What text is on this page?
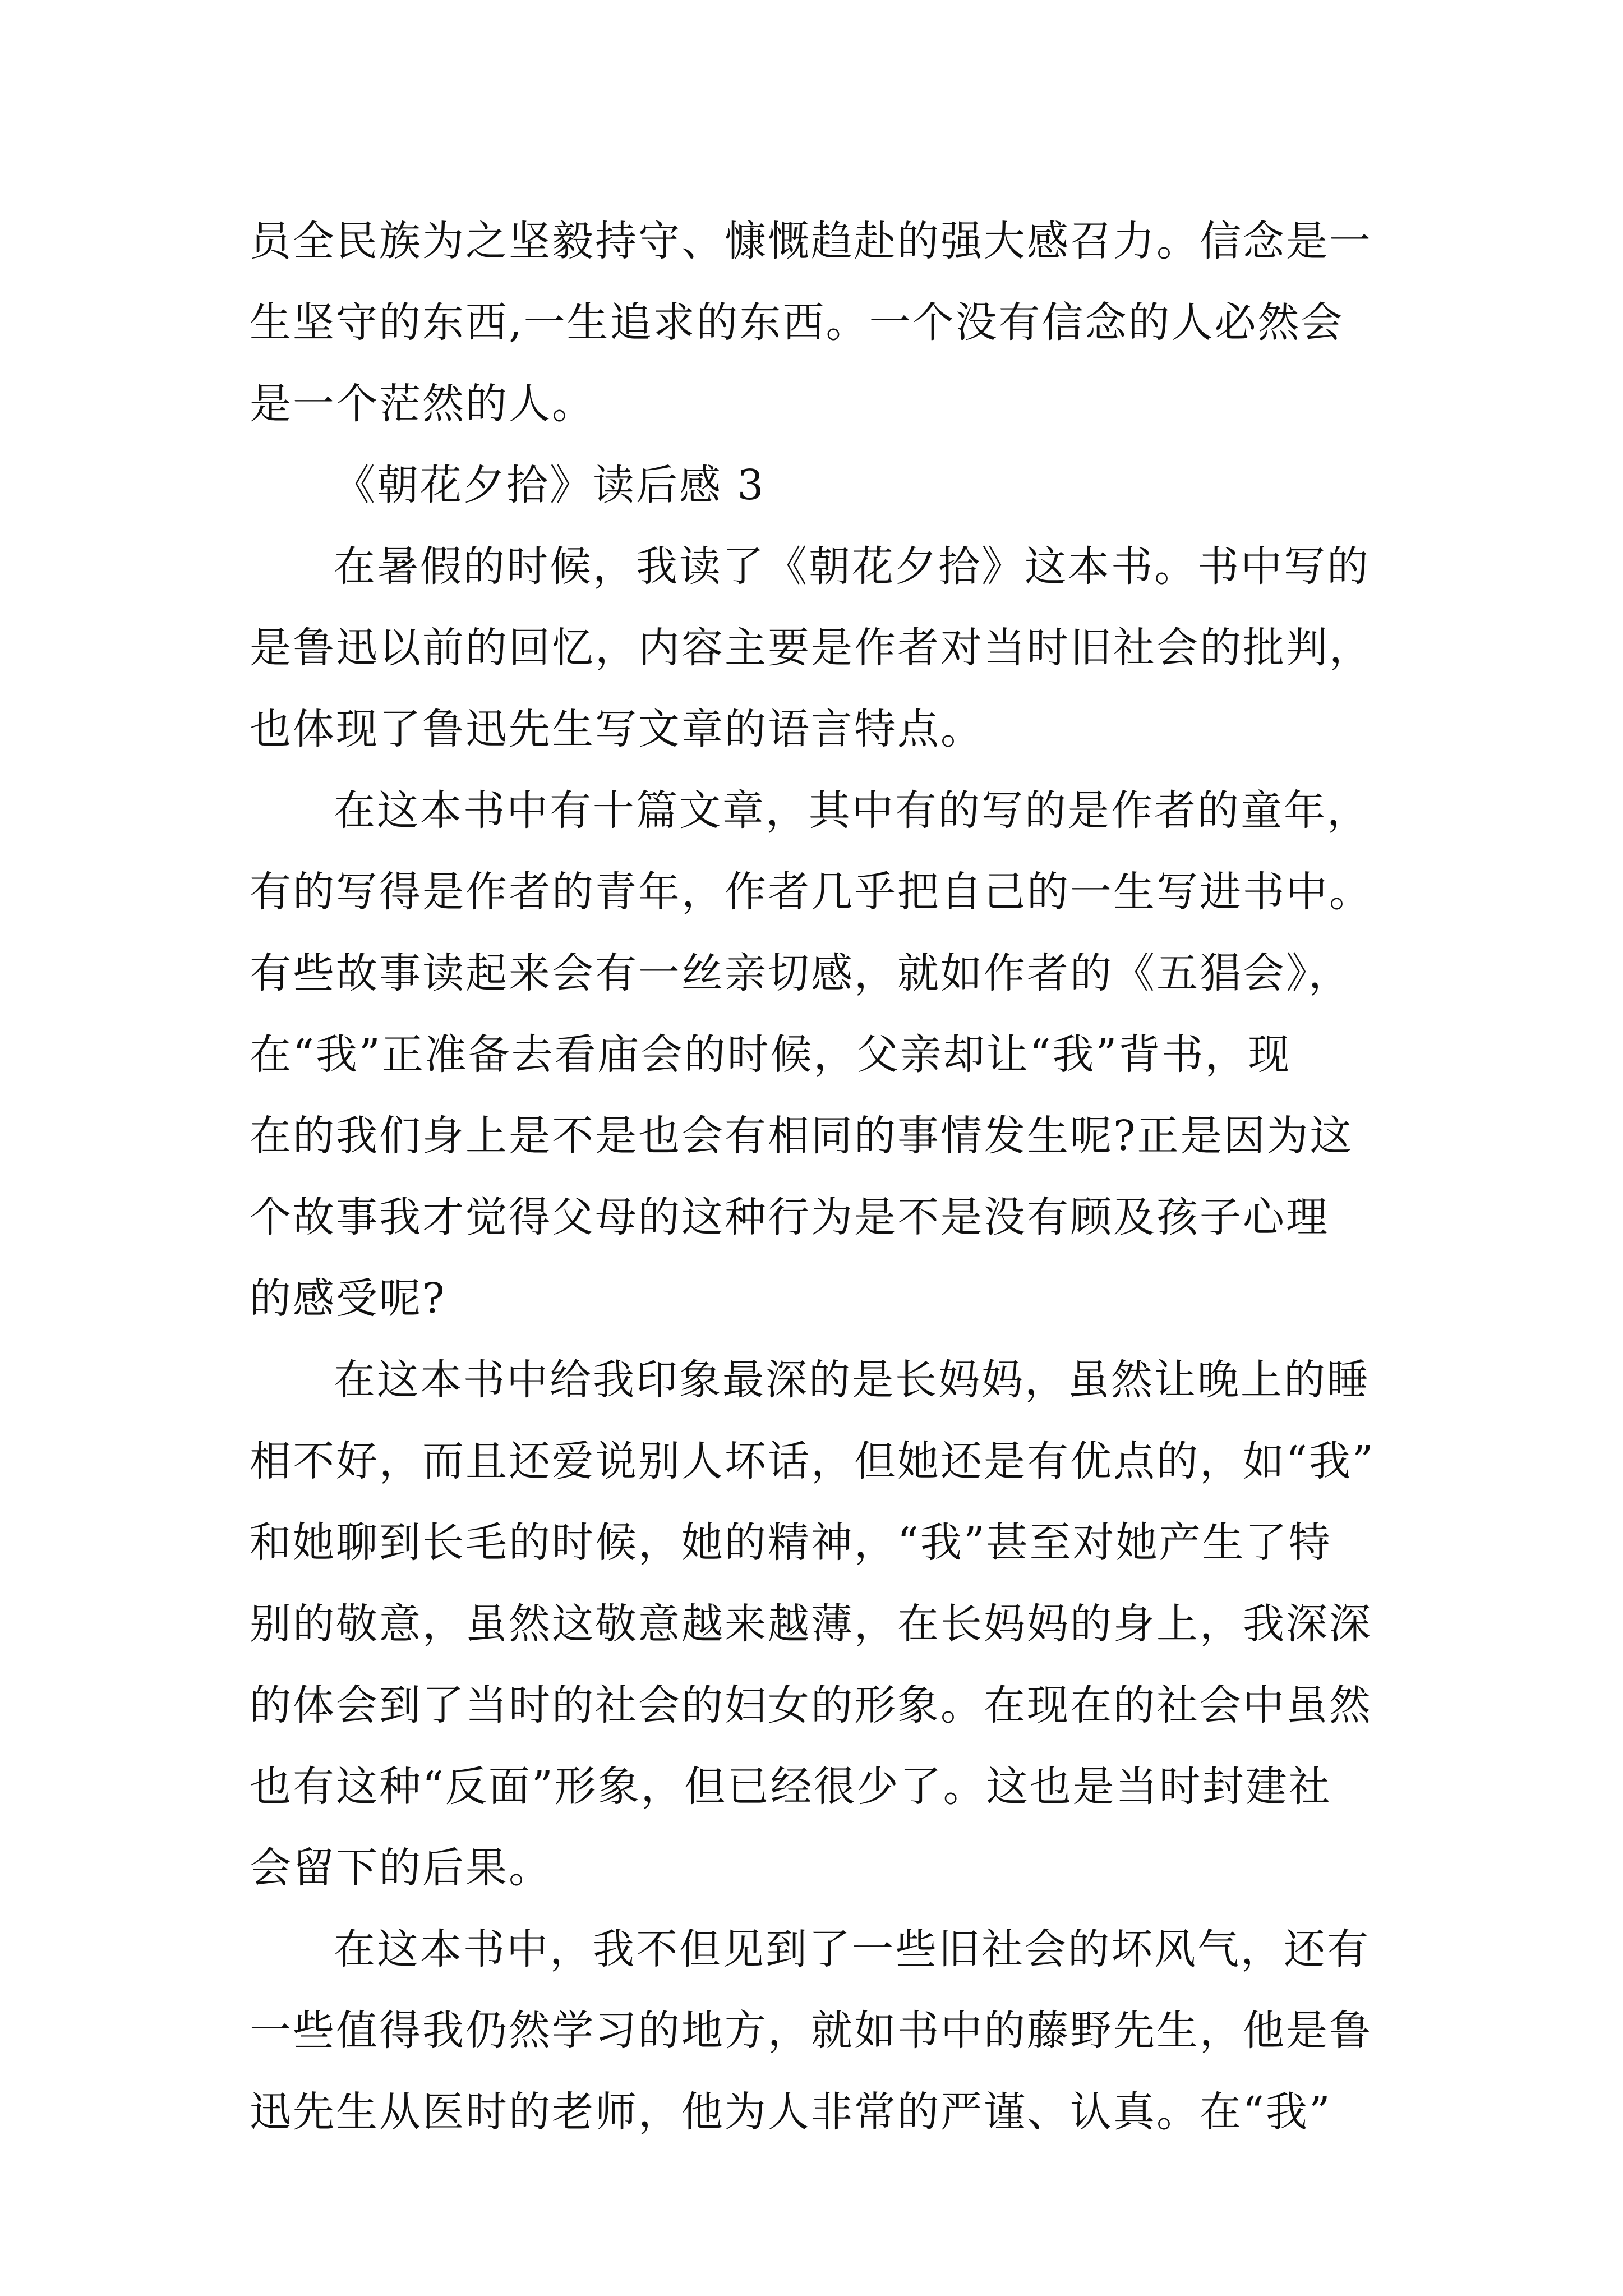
员全民族为之坚毅持守、慷慨趋赴的强大感召力。信念是一
生坚守的东西,一生追求的东西。一个没有信念的人必然会
是一个茫然的人。
《朝花夕拾》读后感 3
在暑假的时候，我读了《朝花夕拾》这本书。书中写的
是鲁迅以前的回忆，内容主要是作者对当时旧社会的批判，
也体现了鲁迅先生写文章的语言特点。
在这本书中有十篇文章，其中有的写的是作者的童年，
有的写得是作者的青年，作者几乎把自己的一生写进书中。
有些故事读起来会有一丝亲切感，就如作者的《五猖会》，
在“我”正准备去看庙会的时候，父亲却让“我”背书，现
在的我们身上是不是也会有相同的事情发生呢?正是因为这
个故事我才觉得父母的这种行为是不是没有顾及孩子心理
的感受呢?
在这本书中给我印象最深的是长妈妈，虽然让晚上的睡
相不好，而且还爱说别人坏话，但她还是有优点的，如“我”
和她聊到长毛的时候，她的精神，“我”甚至对她产生了特
别的敬意，虽然这敬意越来越薄，在长妈妈的身上，我深深
的体会到了当时的社会的妇女的形象。在现在的社会中虽然
也有这种“反面”形象，但已经很少了。这也是当时封建社
会留下的后果。
在这本书中，我不但见到了一些旧社会的坏风气，还有
一些值得我仍然学习的地方，就如书中的藤野先生，他是鲁
迅先生从医时的老师，他为人非常的严谨、认真。在“我”
